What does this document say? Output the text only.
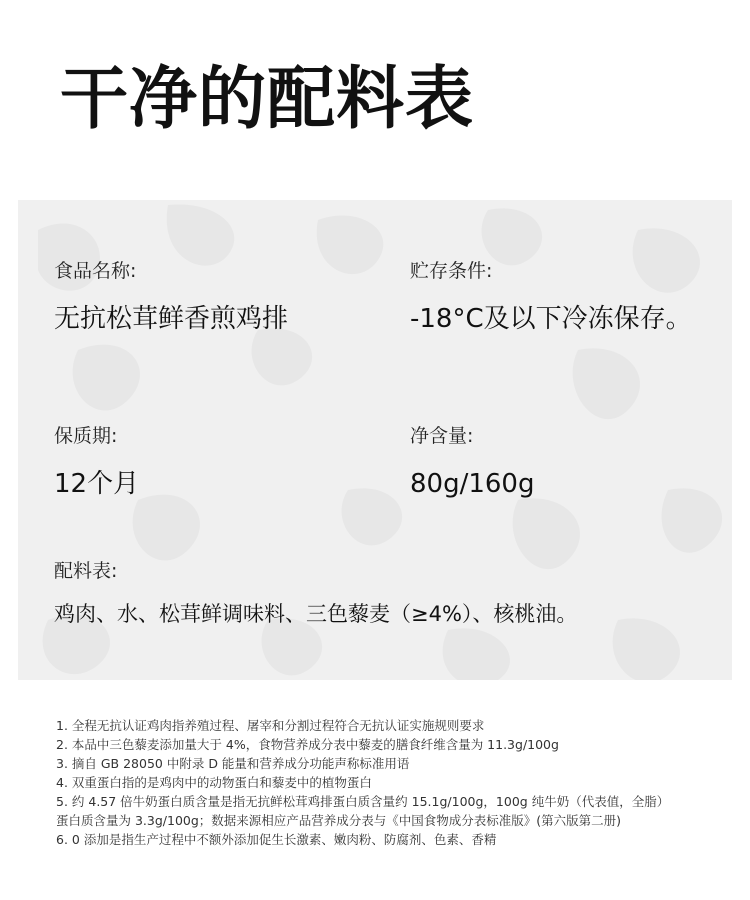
干净的配料表
食品名称:
无抗松茸鲜香煎鸡排
贮存条件:
-18°C及以下冷冻保存。
保质期:
12个月
净含量:
80g/160g
配料表:
鸡肉、水、松茸鲜调味料、三色藜麦（≥4%）、核桃油。
1. 全程无抗认证鸡肉指养殖过程、屠宰和分割过程符合无抗认证实施规则要求
2. 本品中三色藜麦添加量大于 4%，食物营养成分表中藜麦的膳食纤维含量为 11.3g/100g
3. 摘自 GB 28050 中附录 D 能量和营养成分功能声称标准用语
4. 双重蛋白指的是鸡肉中的动物蛋白和藜麦中的植物蛋白
5. 约 4.57 倍牛奶蛋白质含量是指无抗鲜松茸鸡排蛋白质含量约 15.1g/100g，100g 纯牛奶（代表值，全脂）
蛋白质含量为 3.3g/100g；数据来源相应产品营养成分表与《中国食物成分表标准版》(第六版第二册)
6. 0 添加是指生产过程中不额外添加促生长激素、嫩肉粉、防腐剂、色素、香精
